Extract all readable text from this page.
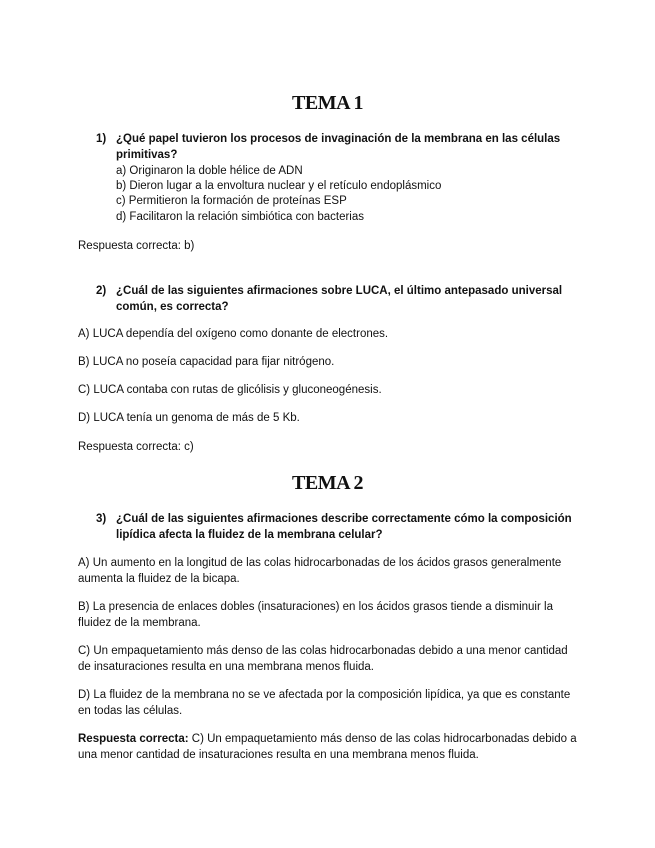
TEMA 1
1) ¿Qué papel tuvieron los procesos de invaginación de la membrana en las células primitivas?
a) Originaron la doble hélice de ADN
b) Dieron lugar a la envoltura nuclear y el retículo endoplásmico
c) Permitieron la formación de proteínas ESP
d) Facilitaron la relación simbiótica con bacterias
Respuesta correcta: b)
2) ¿Cuál de las siguientes afirmaciones sobre LUCA, el último antepasado universal común, es correcta?
A) LUCA dependía del oxígeno como donante de electrones.
B) LUCA no poseía capacidad para fijar nitrógeno.
C) LUCA contaba con rutas de glicólisis y gluconeogénesis.
D) LUCA tenía un genoma de más de 5 Kb.
Respuesta correcta: c)
TEMA 2
3) ¿Cuál de las siguientes afirmaciones describe correctamente cómo la composición lipídica afecta la fluidez de la membrana celular?
A) Un aumento en la longitud de las colas hidrocarbonadas de los ácidos grasos generalmente aumenta la fluidez de la bicapa.
B) La presencia de enlaces dobles (insaturaciones) en los ácidos grasos tiende a disminuir la fluidez de la membrana.
C) Un empaquetamiento más denso de las colas hidrocarbonadas debido a una menor cantidad de insaturaciones resulta en una membrana menos fluida.
D) La fluidez de la membrana no se ve afectada por la composición lipídica, ya que es constante en todas las células.
Respuesta correcta: C) Un empaquetamiento más denso de las colas hidrocarbonadas debido a una menor cantidad de insaturaciones resulta en una membrana menos fluida.
